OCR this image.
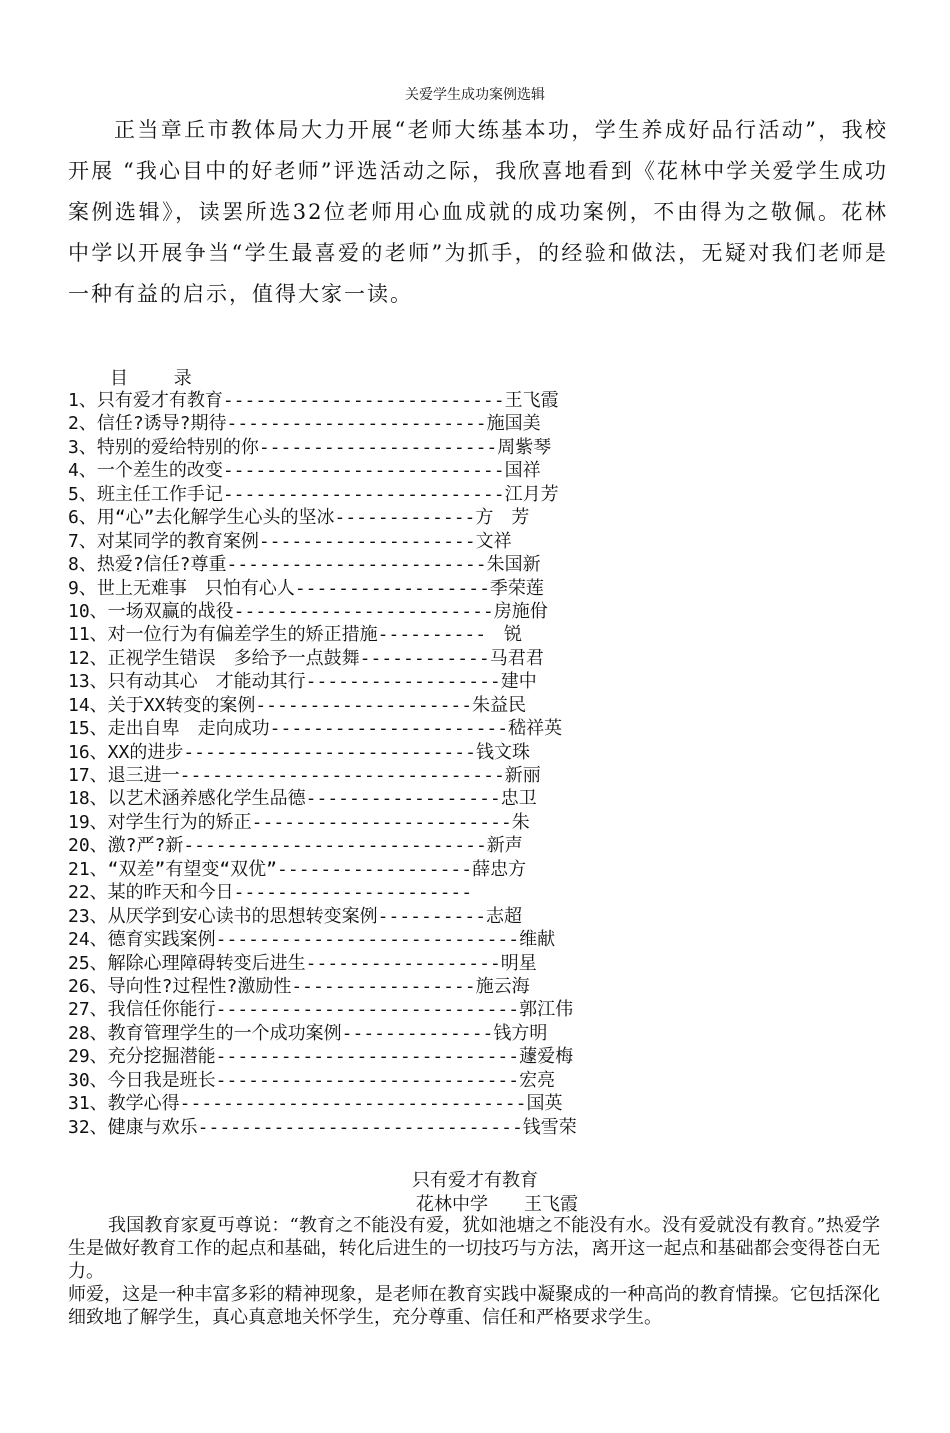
关爱学生成功案例选辑

正当章丘市教体局大力开展“老师大练基本功，学生养成好品行活动”，我校开展 “我心目中的好老师”评选活动之际，我欣喜地看到《花林中学关爱学生成功案例选辑》，读罢所选32位老师用心血成就的成功案例，不由得为之敬佩。花林中学以开展争当“学生最喜爱的老师”为抓手，的经验和做法，无疑对我们老师是一种有益的启示，值得大家一读。

目 录
1、只有爱才有教育--------------------------王飞霞
2、信任?诱导?期待------------------------施国美
3、特别的爱给特别的你----------------------周紫琴
4、一个差生的改变--------------------------国祥
5、班主任工作手记--------------------------江月芳
6、用“心”去化解学生心头的坚冰-------------方　芳
7、对某同学的教育案例--------------------文祥
8、热爱?信任?尊重------------------------朱国新
9、世上无难事　只怕有心人------------------季荣莲
10、一场双赢的战役------------------------房施佾
11、对一位行为有偏差学生的矫正措施----------　锐
12、正视学生错误　多给予一点鼓舞------------马君君
13、只有动其心　才能动其行------------------建中
14、关于XX转变的案例--------------------朱益民
15、走出自卑　走向成功----------------------嵇祥英
16、XX的进步---------------------------钱文珠
17、退三进一------------------------------新丽
18、以艺术涵养感化学生品德------------------忠卫
19、对学生行为的矫正------------------------朱
20、激?严?新----------------------------新声
21、“双差”有望变“双优”------------------薛忠方
22、某的昨天和今日----------------------
23、从厌学到安心读书的思想转变案例----------志超
24、德育实践案例----------------------------维献
25、解除心理障碍转变后进生------------------明星
26、导向性?过程性?激励性-----------------施云海
27、我信任你能行----------------------------郭江伟
28、教育管理学生的一个成功案例--------------钱方明
29、充分挖掘潜能----------------------------蘧爱梅
30、今日我是班长----------------------------宏亮
31、教学心得--------------------------------国英
32、健康与欢乐------------------------------钱雪荣
只有爱才有教育
花林中学　　王飞霞

我国教育家夏丏尊说：“教育之不能没有爱，犹如池塘之不能没有水。没有爱就没有教育。”热爱学生是做好教育工作的起点和基础，转化后进生的一切技巧与方法，离开这一起点和基础都会变得苍白无力。

师爱，这是一种丰富多彩的精神现象，是老师在教育实践中凝聚成的一种高尚的教育情操。它包括深化细致地了解学生，真心真意地关怀学生，充分尊重、信任和严格要求学生。
